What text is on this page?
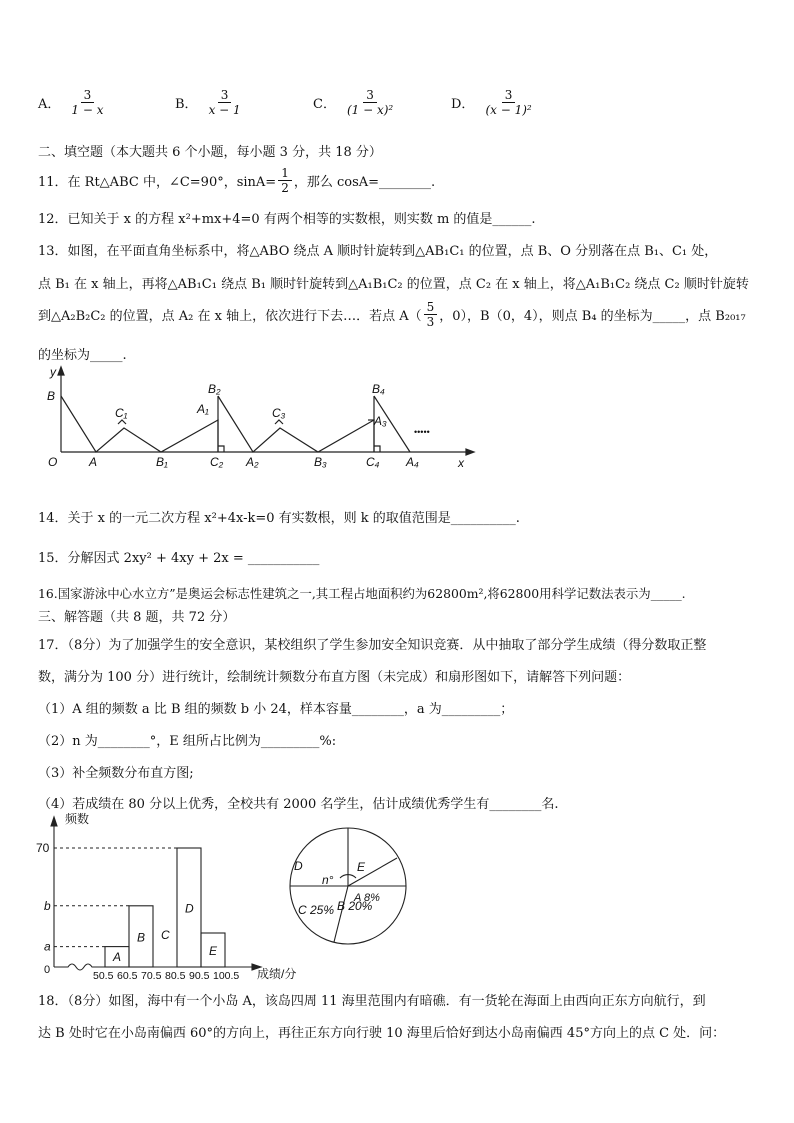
A． $\frac{3}{1 - x}$	B． $\frac{3}{x - 1}$	C． $\frac{3}{\text{(1 − x)²}}$	D． $\frac{3}{\text{(x − 1)²}}$
二、填空题（本大题共 6 个小题，每小题 3 分，共 18 分）
11．在 Rt△ABC 中，∠C=90°，$\sin A= \frac{1}{2}$ ，那么 cosA=________.
12．已知关于 x 的方程 x²+mx+4=0 有两个相等的实数根，则实数 m 的值是______.
13．如图，在平面直角坐标系中，将△ABO 绕点 A 顺时针旋转到△AB₁C₁ 的位置，点 B、O 分别落在点 B₁、C₁ 处，
点 B₁ 在 x 轴上，再将△AB₁C₁ 绕点 B₁ 顺时针旋转到△A₁B₁C₂ 的位置，点 C₂ 在 x 轴上，将△A₁B₁C₂ 绕点 C₂ 顺时针旋转
到△A₂B₂C₂ 的位置，点 A₂ 在 x 轴上，依次进行下去…．若点 $A( \frac{5}{3}$ ，0），B（0，4），则点 B₄ 的坐标为_____，点 B₂₀₁₇
的坐标为_____.
y
x
O
B
A
C₁
B₁
B₂
A₁
C₂ A₂
C₃
B₃
B₄
A₃
C₄ A₄
•••••
14．关于 x 的一元二次方程 x²+4x-k=0 有实数根，则 k 的取值范围是__________.
15．分解因式 2xy² + 4xy + 2x = ___________
16.国家游泳中心水立方”是奥运会标志性建筑之一,其工程占地面积约为62800m²,将62800用科学记数法表示为_____.
三、解答题（共 8 题，共 72 分）
17．（8分）为了加强学生的安全意识，某校组织了学生参加安全知识竞赛．从中抽取了部分学生成绩（得分数取正整
数，满分为 100 分）进行统计，绘制统计频数分布直方图（未完成）和扇形图如下，请解答下列问题：
（1）A 组的频数 a 比 B 组的频数 b 小 24，样本容量________，a 为_________；
（2）n 为________°，E 组所占比例为_________%:
（3）补全频数分布直方图;
（4）若成绩在 80 分以上优秀，全校共有 2000 名学生，估计成绩优秀学生有________名.
A
B C
D
E
a
b
70
50.5 60.5 70.5 80.5 90.5 100.5
频数
成绩/分
0
D	E
n°
A 8%
B 20%
C 25%
18．（8分）如图，海中有一个小岛 A，该岛四周 11 海里范围内有暗礁．有一货轮在海面上由西向正东方向航行，到
达 B 处时它在小岛南偏西 60°的方向上，再往正东方向行驶 10 海里后恰好到达小岛南偏西 45°方向上的点 C 处．问：
